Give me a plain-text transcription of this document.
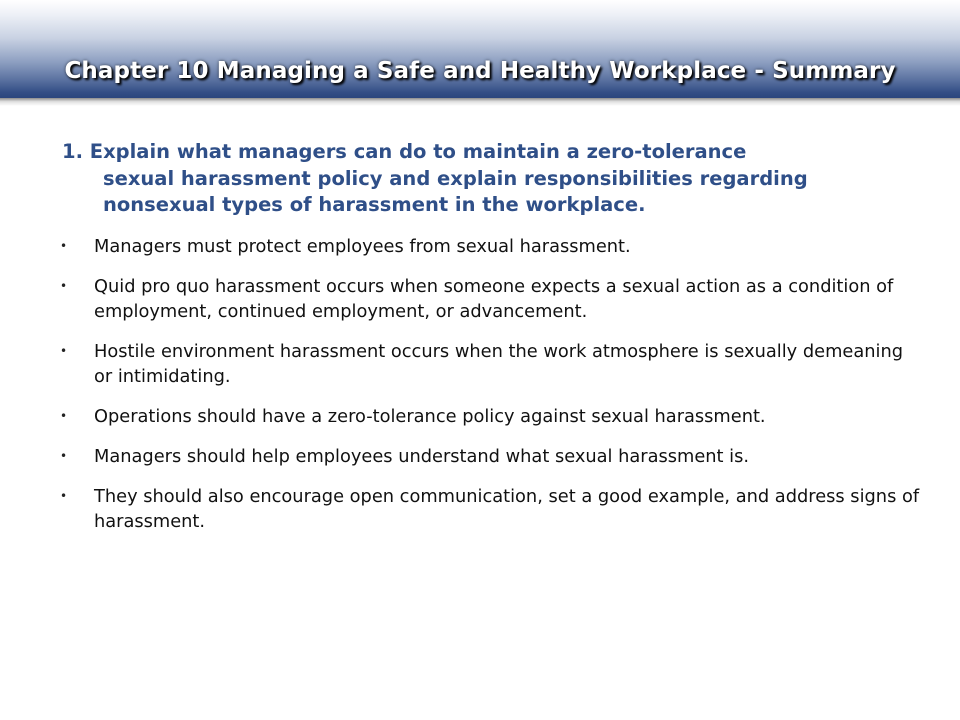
Chapter 10 Managing a Safe and Healthy Workplace - Summary

1. Explain what managers can do to maintain a zero-tolerance

sexual harassment policy and explain responsibilities regarding

nonsexual types of harassment in the workplace.

•	Managers must protect employees from sexual harassment.
•	Quid pro quo harassment occurs when someone expects a sexual action as a condition of employment, continued employment, or advancement.
•	Hostile environment harassment occurs when the work atmosphere is sexually demeaning or intimidating.
•	Operations should have a zero-tolerance policy against sexual harassment.
•	Managers should help employees understand what sexual harassment is.
•	They should also encourage open communication, set a good example, and address signs of harassment.
